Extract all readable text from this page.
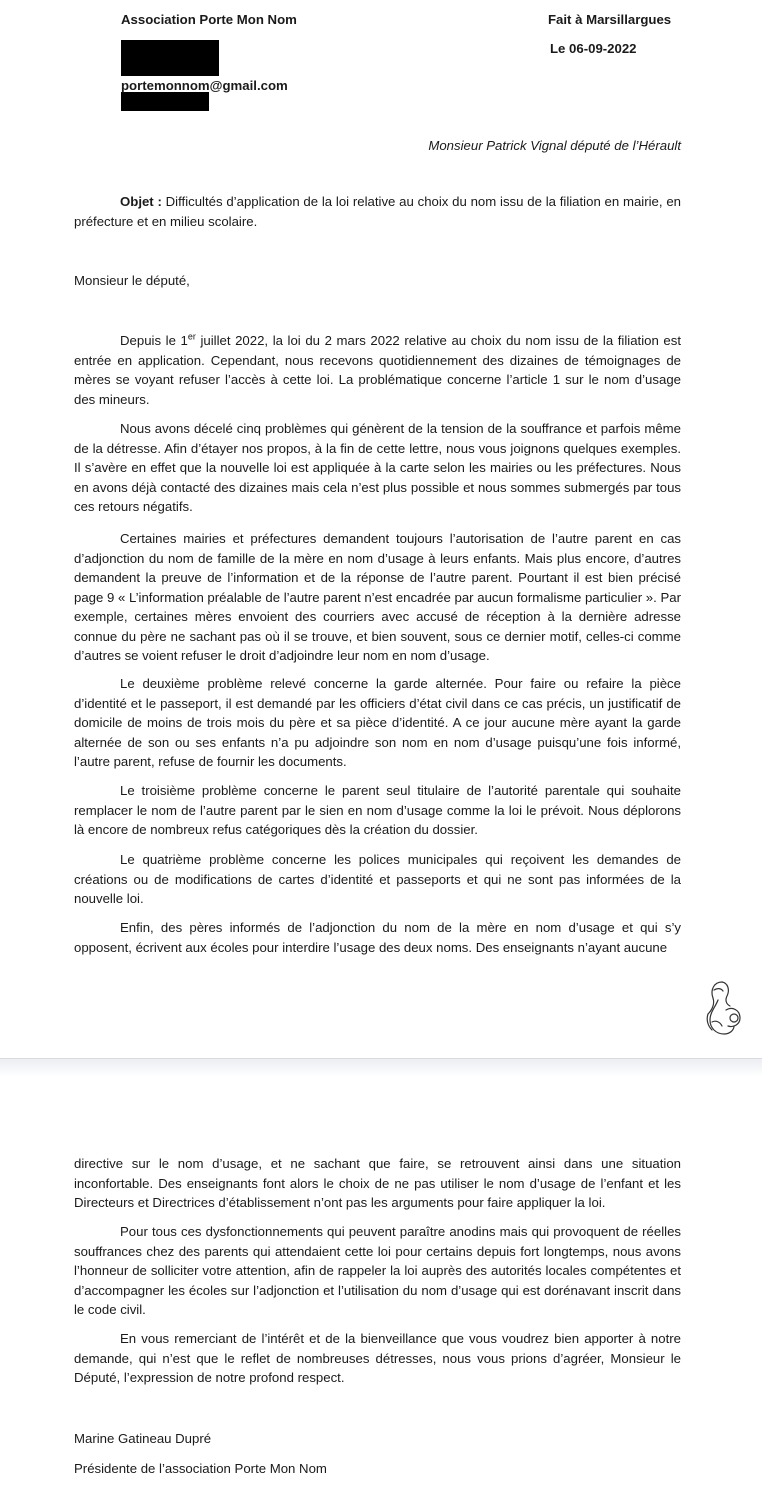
Association Porte Mon Nom
portemonnom@gmail.com
Fait à Marsillargues
Le 06-09-2022
Monsieur Patrick Vignal député de l’Hérault

Objet : Difficultés d’application de la loi relative au choix du nom issu de la filiation en mairie, en préfecture et en milieu scolaire.

Monsieur le député,

Depuis le 1er juillet 2022, la loi du 2 mars 2022 relative au choix du nom issu de la filiation est entrée en application. Cependant, nous recevons quotidiennement des dizaines de témoignages de mères se voyant refuser l’accès à cette loi. La problématique concerne l’article 1 sur le nom d’usage des mineurs.

Nous avons décelé cinq problèmes qui génèrent de la tension de la souffrance et parfois même de la détresse. Afin d’étayer nos propos, à la fin de cette lettre, nous vous joignons quelques exemples. Il s’avère en effet que la nouvelle loi est appliquée à la carte selon les mairies ou les préfectures. Nous en avons déjà contacté des dizaines mais cela n’est plus possible et nous sommes submergés par tous ces retours négatifs.

Certaines mairies et préfectures demandent toujours l’autorisation de l’autre parent en cas d’adjonction du nom de famille de la mère en nom d’usage à leurs enfants. Mais plus encore, d’autres demandent la preuve de l’information et de la réponse de l’autre parent. Pourtant il est bien précisé page 9 « L’information préalable de l’autre parent n’est encadrée par aucun formalisme particulier ». Par exemple, certaines mères envoient des courriers avec accusé de réception à la dernière adresse connue du père ne sachant pas où il se trouve, et bien souvent, sous ce dernier motif, celles-ci comme d’autres se voient refuser le droit d’adjoindre leur nom en nom d’usage.

Le deuxième problème relevé concerne la garde alternée. Pour faire ou refaire la pièce d’identité et le passeport, il est demandé par les officiers d’état civil dans ce cas précis, un justificatif de domicile de moins de trois mois du père et sa pièce d’identité. A ce jour aucune mère ayant la garde alternée de son ou ses enfants n’a pu adjoindre son nom en nom d’usage puisqu’une fois informé, l’autre parent, refuse de fournir les documents.

Le troisième problème concerne le parent seul titulaire de l’autorité parentale qui souhaite remplacer le nom de l’autre parent par le sien en nom d’usage comme la loi le prévoit. Nous déplorons là encore de nombreux refus catégoriques dès la création du dossier.

Le quatrième problème concerne les polices municipales qui reçoivent les demandes de créations ou de modifications de cartes d’identité et passeports et qui ne sont pas informées de la nouvelle loi.

Enfin, des pères informés de l’adjonction du nom de la mère en nom d’usage et qui s’y opposent, écrivent aux écoles pour interdire l’usage des deux noms. Des enseignants n’ayant aucune

directive sur le nom d’usage, et ne sachant que faire, se retrouvent ainsi dans une situation inconfortable. Des enseignants font alors le choix de ne pas utiliser le nom d’usage de l’enfant et les Directeurs et Directrices d’établissement n’ont pas les arguments pour faire appliquer la loi.

Pour tous ces dysfonctionnements qui peuvent paraître anodins mais qui provoquent de réelles souffrances chez des parents qui attendaient cette loi pour certains depuis fort longtemps, nous avons l’honneur de solliciter votre attention, afin de rappeler la loi auprès des autorités locales compétentes et d’accompagner les écoles sur l’adjonction et l’utilisation du nom d’usage qui est dorénavant inscrit dans le code civil.

En vous remerciant de l’intérêt et de la bienveillance que vous voudrez bien apporter à notre demande, qui n’est que le reflet de nombreuses détresses, nous vous prions d’agréer, Monsieur le Député, l’expression de notre profond respect.

Marine Gatineau Dupré
Présidente de l’association Porte Mon Nom
